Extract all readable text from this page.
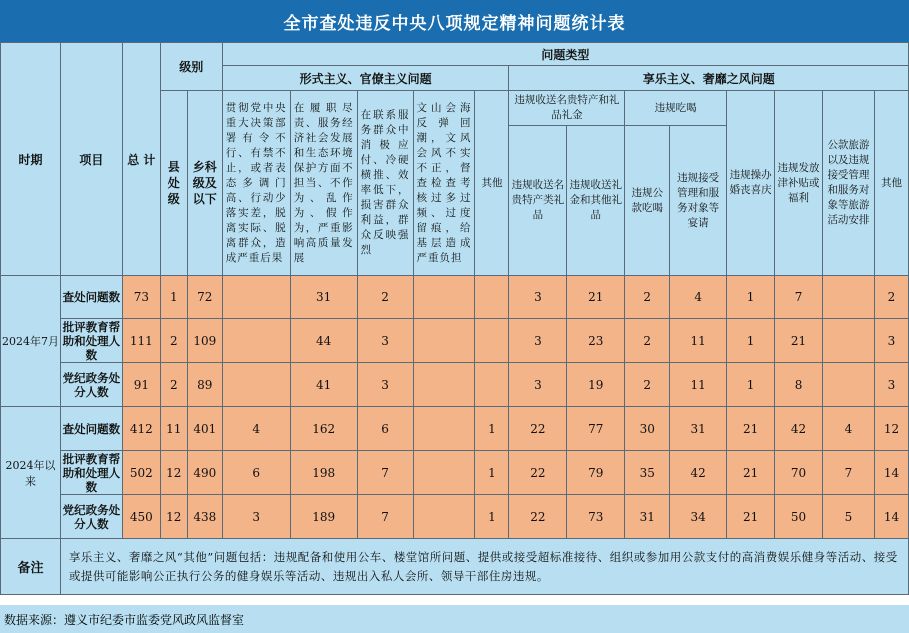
全市查处违反中央八项规定精神问题统计表
时期	项目	总 计	级别		问题类型												
					形式主义、官僚主义问题					享乐主义、奢靡之风问题							
			县处级	乡科级及以下	贯彻党中央重大决策部署有令不行、有禁不止，或者表态多调门高、行动少落实差，脱离实际、脱离群众，造成严重后果	在履职尽责、服务经济社会发展和生态环境保护方面不担当、不作为、乱作为、假作为，严重影响高质量发展	在联系服务群众中消极应付、冷硬横推、效率低下，损害群众利益，群众反映强烈	文山会海反弹回潮，文风会风不实不正，督查检查考核过多过频、过度留痕，给基层造成严重负担	其他	违规收送名贵特产和礼品礼金		违规吃喝		违规操办婚丧喜庆	违规发放津补贴或福利	公款旅游以及违规接受管理和服务对象等旅游活动安排	其他
										违规收送名贵特产类礼品	违规收送礼金和其他礼品	违规公款吃喝	违规接受管理和服务对象等宴请				
2024年7月	查处问题数	73	1	72		31	2			3	21	2	4	1	7		2
	批评教育帮助和处理人数	111	2	109		44	3			3	23	2	11	1	21		3
	党纪政务处分人数	91	2	89		41	3			3	19	2	11	1	8		3
2024年以来	查处问题数	412	11	401	4	162	6		1	22	77	30	31	21	42	4	12
	批评教育帮助和处理人数	502	12	490	6	198	7		1	22	79	35	42	21	70	7	14
	党纪政务处分人数	450	12	438	3	189	7		1	22	73	31	34	21	50	5	14
备注	享乐主义、奢靡之风“其他”问题包括：违规配备和使用公车、楼堂馆所问题、提供或接受超标准接待、组织或参加用公款支付的高消费娱乐健身等活动、接受或提供可能影响公正执行公务的健身娱乐等活动、违规出入私人会所、领导干部住房违规。																
数据来源：遵义市纪委市监委党风政风监督室
